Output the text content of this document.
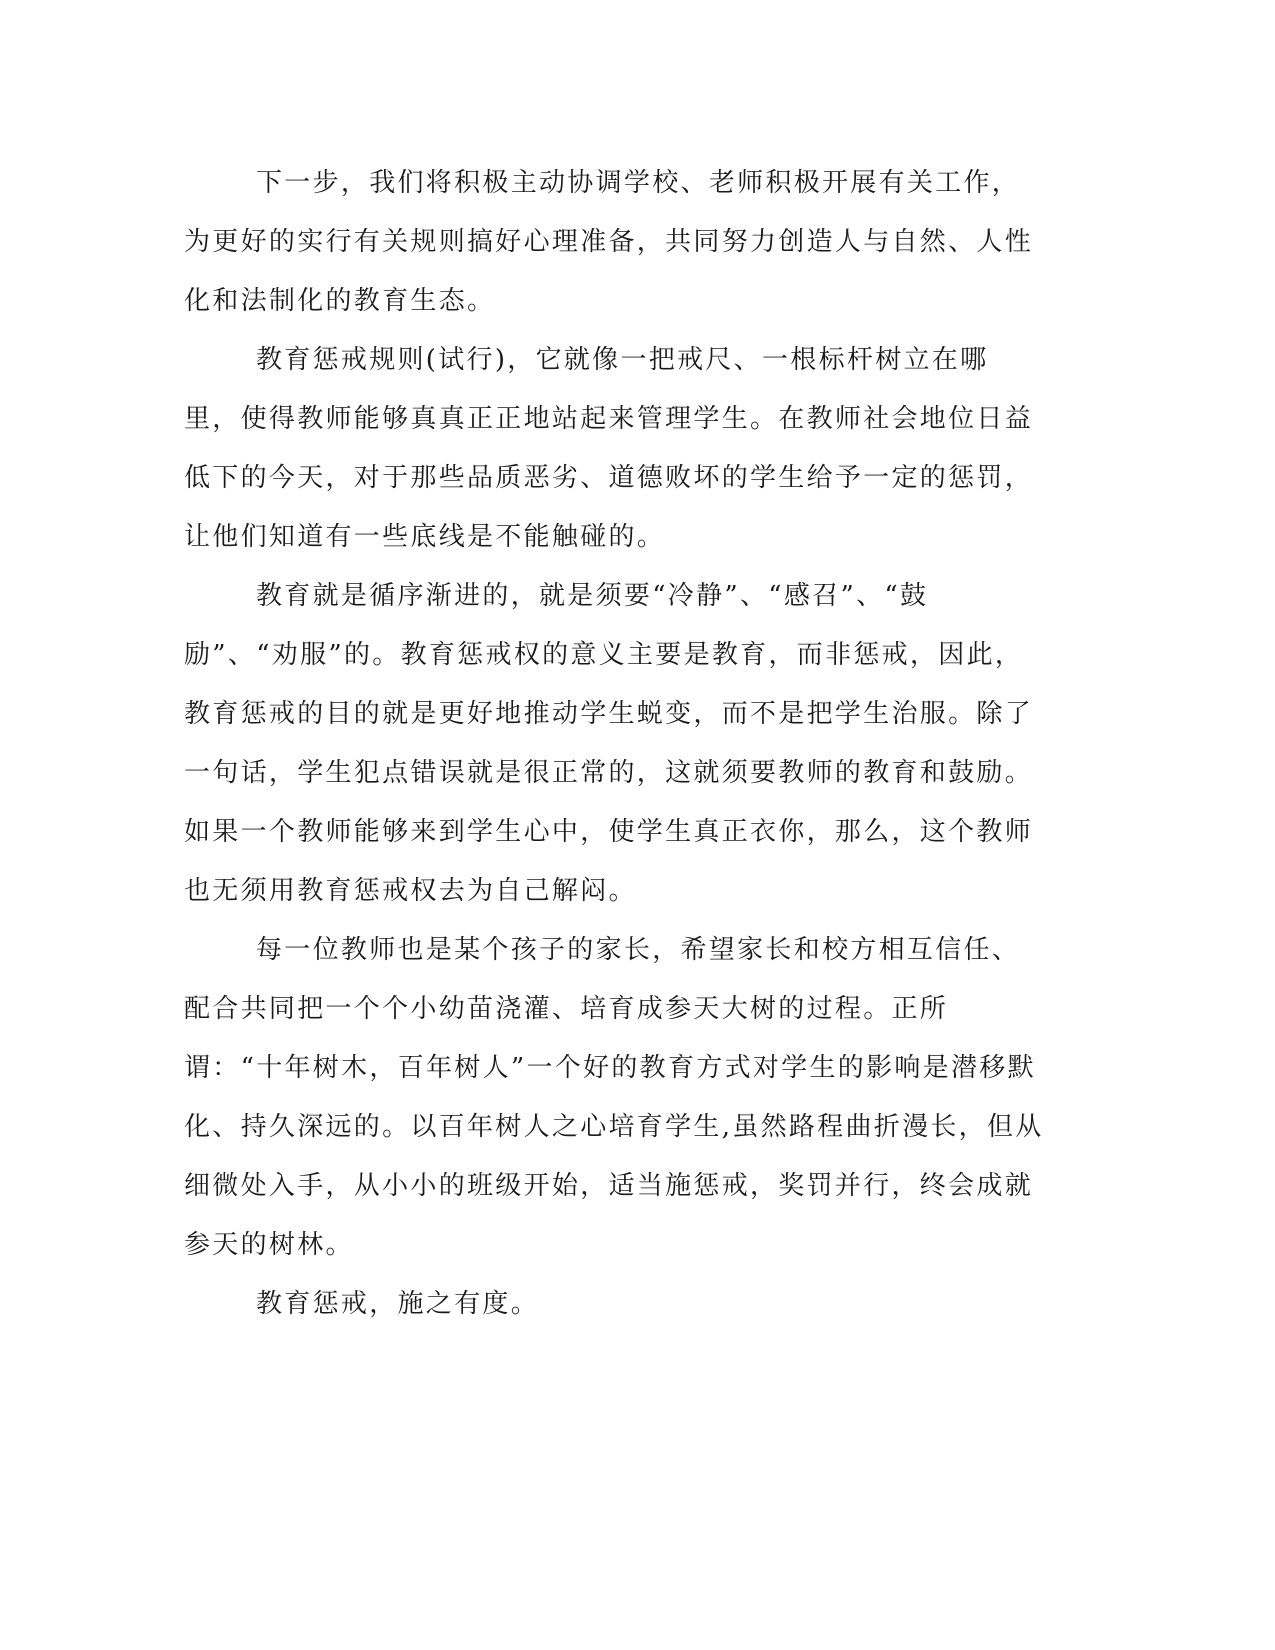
下一步，我们将积极主动协调学校、老师积极开展有关工作，为更好的实行有关规则搞好心理准备，共同努力创造人与自然、人性化和法制化的教育生态。

教育惩戒规则(试行)，它就像一把戒尺、一根标杆树立在哪里，使得教师能够真真正正地站起来管理学生。在教师社会地位日益低下的今天，对于那些品质恶劣、道德败坏的学生给予一定的惩罚，让他们知道有一些底线是不能触碰的。

教育就是循序渐进的，就是须要“冷静”、“感召”、“鼓励”、“劝服”的。教育惩戒权的意义主要是教育，而非惩戒，因此，教育惩戒的目的就是更好地推动学生蜕变，而不是把学生治服。除了一句话，学生犯点错误就是很正常的，这就须要教师的教育和鼓励。如果一个教师能够来到学生心中，使学生真正衣你，那么，这个教师也无须用教育惩戒权去为自己解闷。

每一位教师也是某个孩子的家长，希望家长和校方相互信任、配合共同把一个个小幼苗浇灌、培育成参天大树的过程。正所谓：“十年树木，百年树人”一个好的教育方式对学生的影响是潜移默化、持久深远的。以百年树人之心培育学生,虽然路程曲折漫长，但从细微处入手，从小小的班级开始，适当施惩戒，奖罚并行，终会成就参天的树林。

教育惩戒，施之有度。
